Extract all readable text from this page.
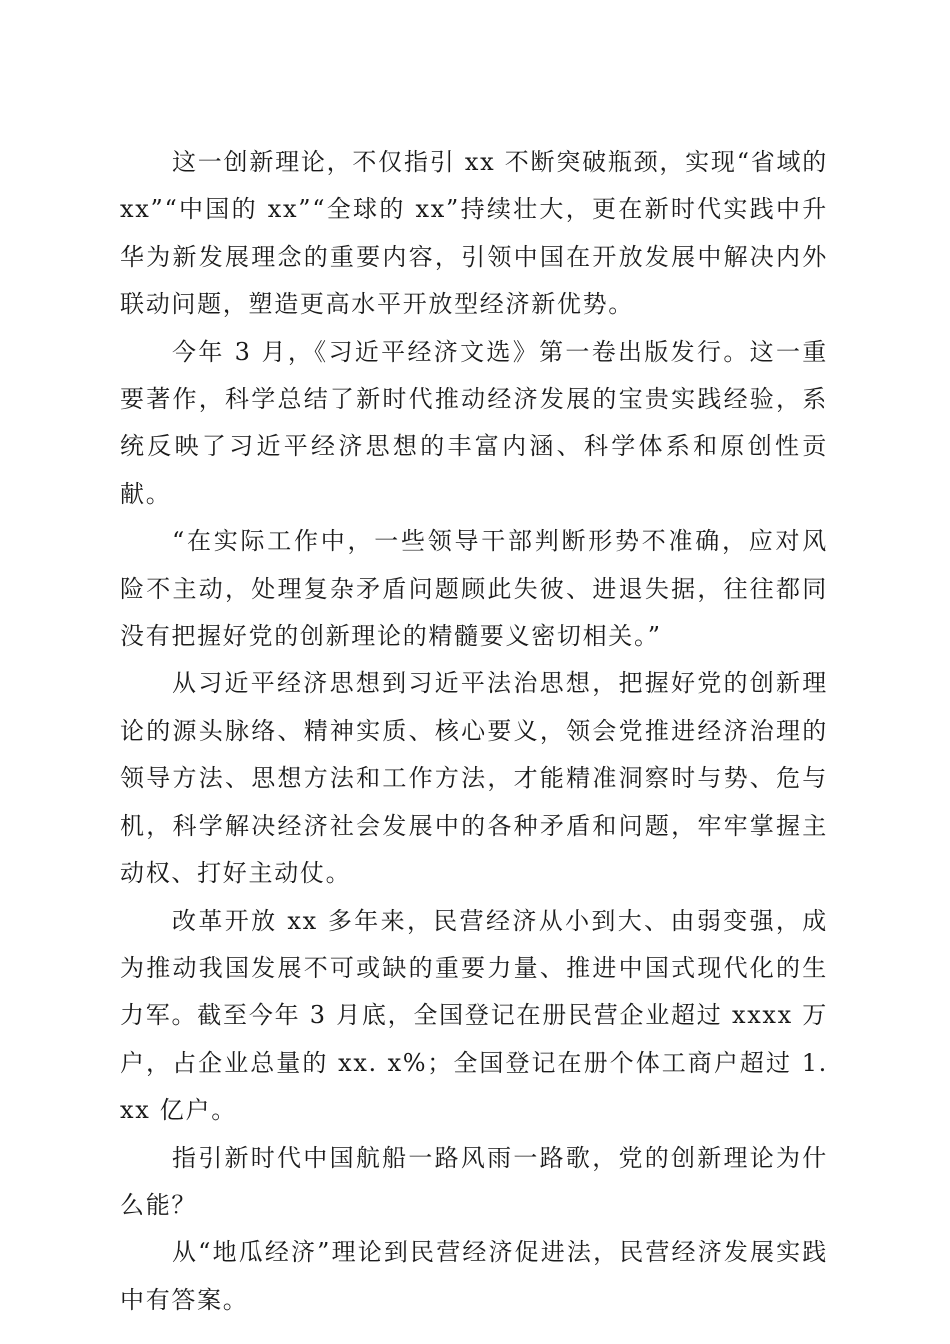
这一创新理论，不仅指引 xx 不断突破瓶颈，实现“省域的 xx”“中国的 xx”“全球的 xx”持续壮大，更在新时代实践中升华为新发展理念的重要内容，引领中国在开放发展中解决内外联动问题，塑造更高水平开放型经济新优势。

今年 3 月，《习近平经济文选》第一卷出版发行。这一重要著作，科学总结了新时代推动经济发展的宝贵实践经验，系统反映了习近平经济思想的丰富内涵、科学体系和原创性贡献。

“在实际工作中，一些领导干部判断形势不准确，应对风险不主动，处理复杂矛盾问题顾此失彼、进退失据，往往都同没有把握好党的创新理论的精髓要义密切相关。”

从习近平经济思想到习近平法治思想，把握好党的创新理论的源头脉络、精神实质、核心要义，领会党推进经济治理的领导方法、思想方法和工作方法，才能精准洞察时与势、危与机，科学解决经济社会发展中的各种矛盾和问题，牢牢掌握主动权、打好主动仗。

改革开放 xx 多年来，民营经济从小到大、由弱变强，成为推动我国发展不可或缺的重要力量、推进中国式现代化的生力军。截至今年 3 月底，全国登记在册民营企业超过 xxxx 万户，占企业总量的 xx. x%；全国登记在册个体工商户超过 1. xx 亿户。

指引新时代中国航船一路风雨一路歌，党的创新理论为什么能？

从“地瓜经济”理论到民营经济促进法，民营经济发展实践中有答案。
